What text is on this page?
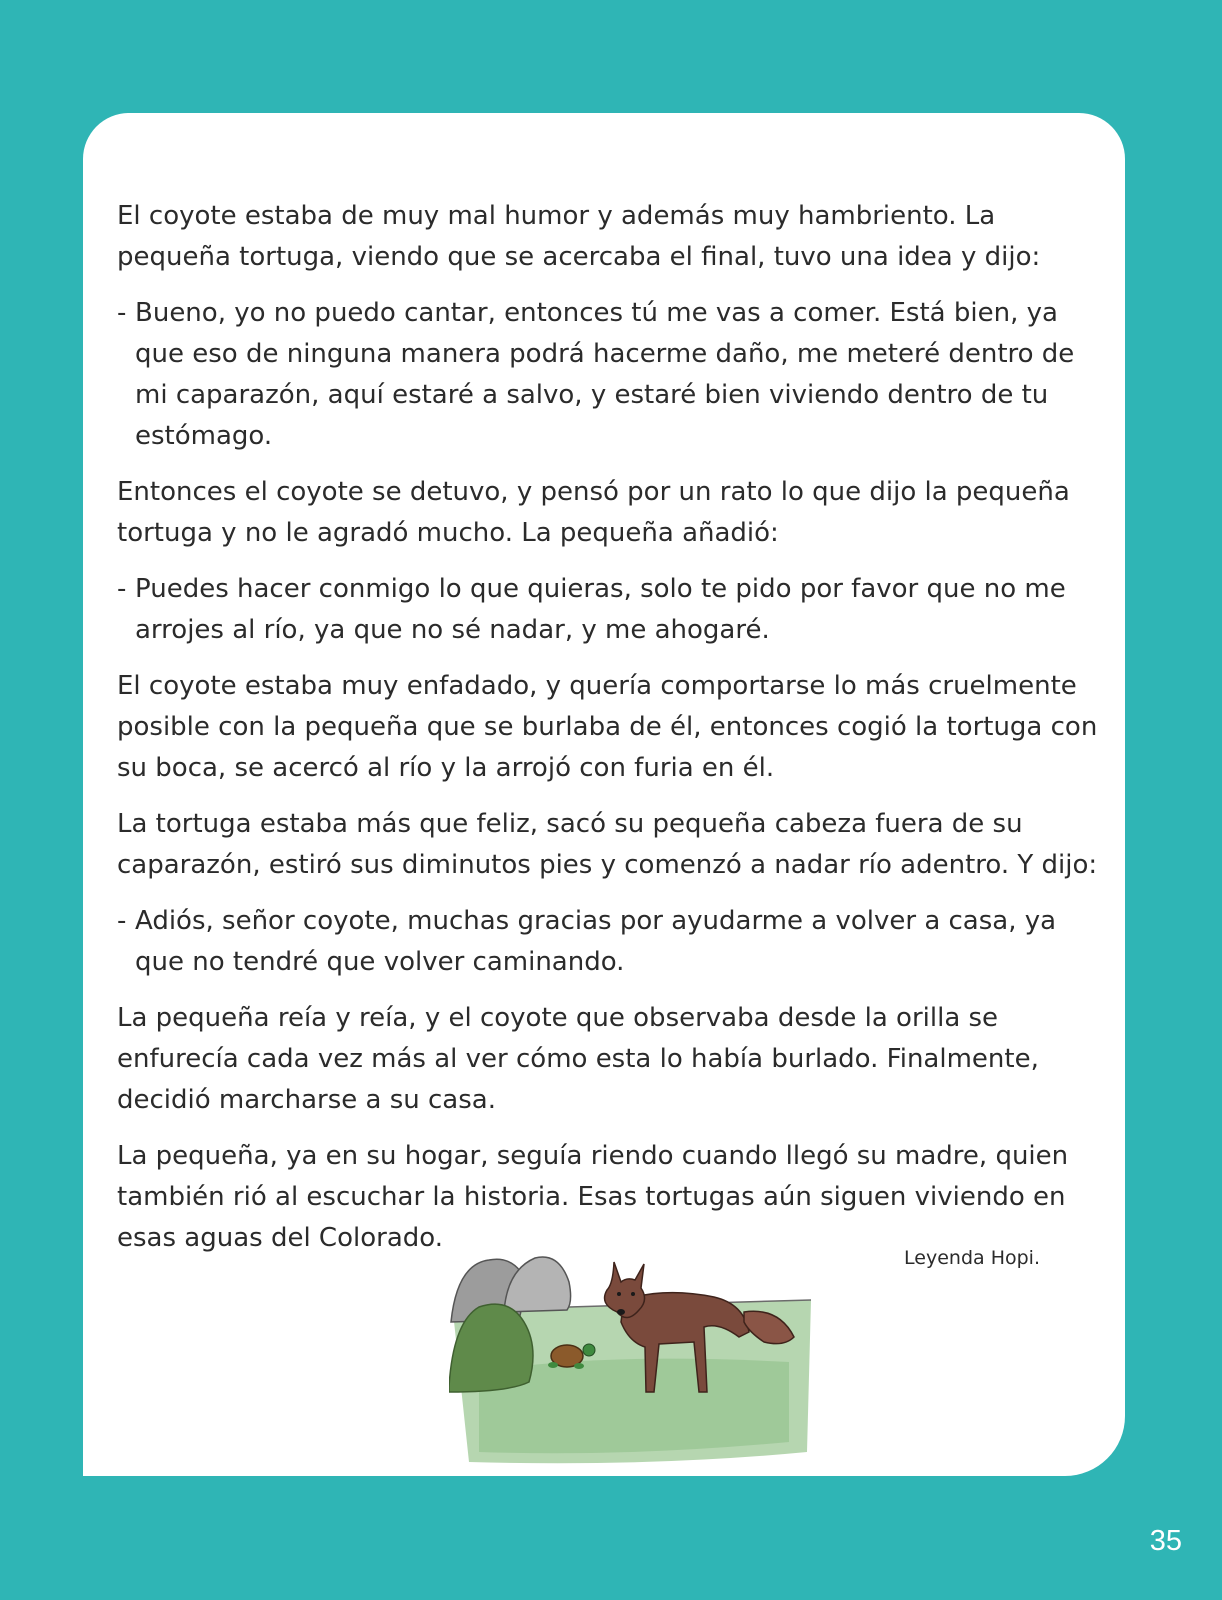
El coyote estaba de muy mal humor y además muy hambriento. La pequeña tortuga, viendo que se acercaba el final, tuvo una idea y dijo:

- Bueno, yo no puedo cantar, entonces tú me vas a comer. Está bien, ya que eso de ninguna manera podrá hacerme daño, me meteré dentro de mi caparazón, aquí estaré a salvo, y estaré bien viviendo dentro de tu estómago.

Entonces el coyote se detuvo, y pensó por un rato lo que dijo la pequeña tortuga y no le agradó mucho. La pequeña añadió:

- Puedes hacer conmigo lo que quieras, solo te pido por favor que no me arrojes al río, ya que no sé nadar, y me ahogaré.

El coyote estaba muy enfadado, y quería comportarse lo más cruelmente posible con la pequeña que se burlaba de él, entonces cogió la tortuga con su boca, se acercó al río y la arrojó con furia en él.

La tortuga estaba más que feliz, sacó su pequeña cabeza fuera de su caparazón, estiró sus diminutos pies y comenzó a nadar río adentro. Y dijo:

- Adiós, señor coyote, muchas gracias por ayudarme a volver a casa, ya que no tendré que volver caminando.

La pequeña reía y reía, y el coyote que observaba desde la orilla se enfurecía cada vez más al ver cómo esta lo había burlado. Finalmente, decidió marcharse a su casa.

La pequeña, ya en su hogar, seguía riendo cuando llegó su madre, quien también rió al escuchar la historia. Esas tortugas aún siguen viviendo en esas aguas del Colorado.

Leyenda Hopi.
35
